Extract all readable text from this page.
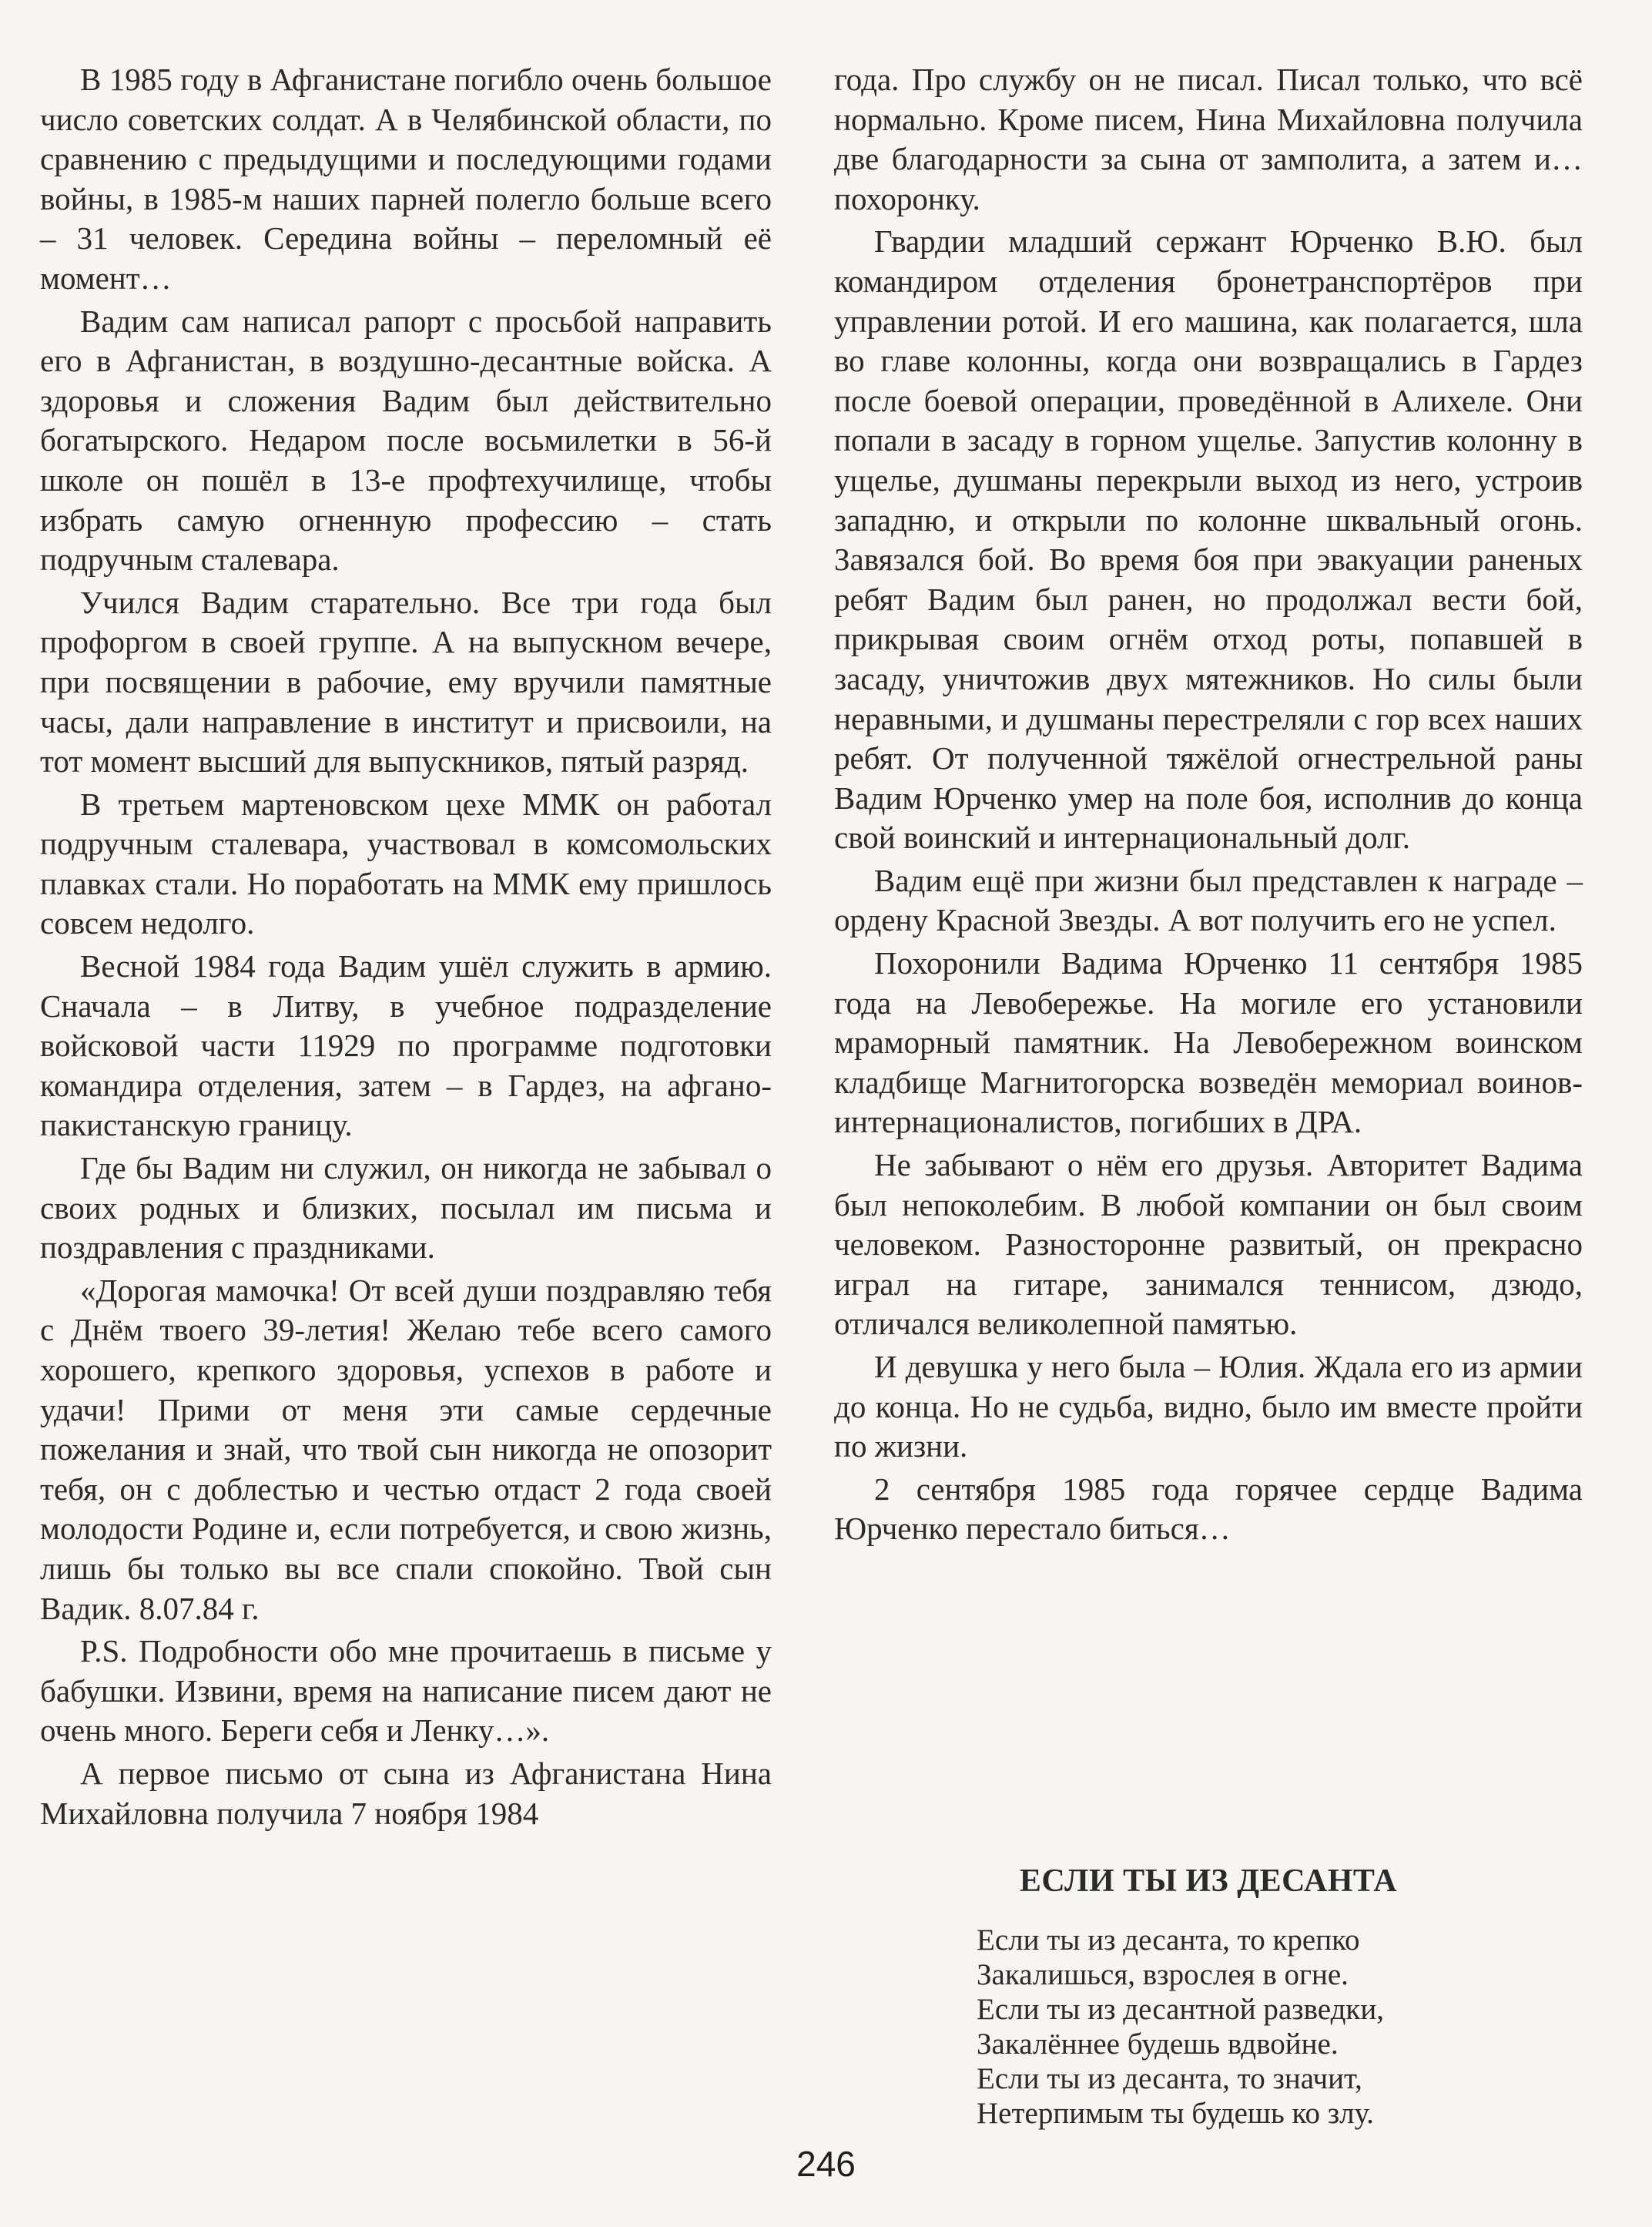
В 1985 году в Афганистане погибло очень большое число советских солдат. А в Челябинской области, по сравнению с предыдущими и последующими годами войны, в 1985-м наших парней полегло больше всего – 31 человек. Середина войны – переломный её момент…

Вадим сам написал рапорт с просьбой направить его в Афганистан, в воздушно-десантные войска. А здоровья и сложения Вадим был действительно богатырского. Недаром после восьмилетки в 56-й школе он пошёл в 13-е профтехучилище, чтобы избрать самую огненную профессию – стать подручным сталевара.

Учился Вадим старательно. Все три года был профоргом в своей группе. А на выпускном вечере, при посвящении в рабочие, ему вручили памятные часы, дали направление в институт и присвоили, на тот момент высший для выпускников, пятый разряд.

В третьем мартеновском цехе ММК он работал подручным сталевара, участвовал в комсомольских плавках стали. Но поработать на ММК ему пришлось совсем недолго.

Весной 1984 года Вадим ушёл служить в армию. Сначала – в Литву, в учебное подразделение войсковой части 11929 по программе подготовки командира отделения, затем – в Гардез, на афгано-пакистанскую границу.

Где бы Вадим ни служил, он никогда не забывал о своих родных и близких, посылал им письма и поздравления с праздниками.

«Дорогая мамочка! От всей души поздравляю тебя с Днём твоего 39-летия! Желаю тебе всего самого хорошего, крепкого здоровья, успехов в работе и удачи! Прими от меня эти самые сердечные пожелания и знай, что твой сын никогда не опозорит тебя, он с доблестью и честью отдаст 2 года своей молодости Родине и, если потребуется, и свою жизнь, лишь бы только вы все спали спокойно. Твой сын Вадик. 8.07.84 г.

P.S. Подробности обо мне прочитаешь в письме у бабушки. Извини, время на написание писем дают не очень много. Береги себя и Ленку…».

А первое письмо от сына из Афганистана Нина Михайловна получила 7 ноября 1984

года. Про службу он не писал. Писал только, что всё нормально. Кроме писем, Нина Михайловна получила две благодарности за сына от замполита, а затем и… похоронку.

Гвардии младший сержант Юрченко В.Ю. был командиром отделения бронетранспортёров при управлении ротой. И его машина, как полагается, шла во главе колонны, когда они возвращались в Гардез после боевой операции, проведённой в Алихеле. Они попали в засаду в горном ущелье. Запустив колонну в ущелье, душманы перекрыли выход из него, устроив западню, и открыли по колонне шквальный огонь. Завязался бой. Во время боя при эвакуации раненых ребят Вадим был ранен, но продолжал вести бой, прикрывая своим огнём отход роты, попавшей в засаду, уничтожив двух мятежников. Но силы были неравными, и душманы перестреляли с гор всех наших ребят. От полученной тяжёлой огнестрельной раны Вадим Юрченко умер на поле боя, исполнив до конца свой воинский и интернациональный долг.

Вадим ещё при жизни был представлен к награде – ордену Красной Звезды. А вот получить его не успел.

Похоронили Вадима Юрченко 11 сентября 1985 года на Левобережье. На могиле его установили мраморный памятник. На Левобережном воинском кладбище Магнитогорска возведён мемориал воинов-интернационалистов, погибших в ДРА.

Не забывают о нём его друзья. Авторитет Вадима был непоколебим. В любой компании он был своим человеком. Разносторонне развитый, он прекрасно играл на гитаре, занимался теннисом, дзюдо, отличался великолепной памятью.

И девушка у него была – Юлия. Ждала его из армии до конца. Но не судьба, видно, было им вместе пройти по жизни.

2 сентября 1985 года горячее сердце Вадима Юрченко перестало биться…

ЕСЛИ ТЫ ИЗ ДЕСАНТА
Если ты из десанта, то крепко
Закалишься, взрослея в огне.
Если ты из десантной разведки,
Закалённее будешь вдвойне.
Если ты из десанта, то значит,
Нетерпимым ты будешь ко злу.
246
